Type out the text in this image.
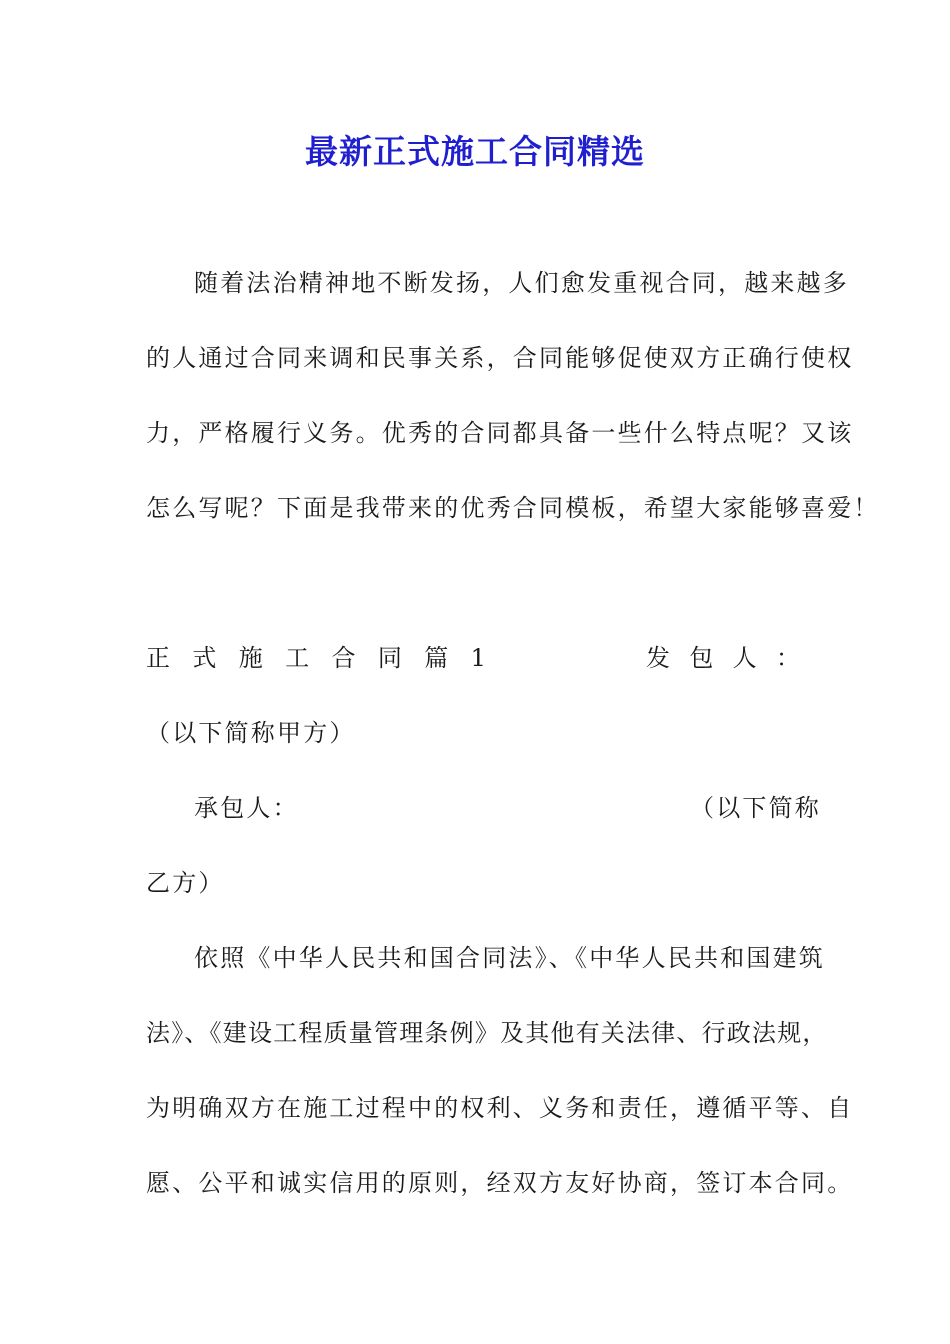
最新正式施工合同精选
随着法治精神地不断发扬，人们愈发重视合同，越来越多
的人通过合同来调和民事关系，合同能够促使双方正确行使权
力，严格履行义务。优秀的合同都具备一些什么特点呢？又该
怎么写呢？下面是我带来的优秀合同模板，希望大家能够喜爱！
正 式 施 工 合 同 篇 1	发 包 人 ：
（以下简称甲方）
承包人：	（以下简称
乙方）
依照《中华人民共和国合同法》、《中华人民共和国建筑
法》、《建设工程质量管理条例》及其他有关法律、行政法规，
为明确双方在施工过程中的权利、义务和责任，遵循平等、自
愿、公平和诚实信用的原则，经双方友好协商，签订本合同。
